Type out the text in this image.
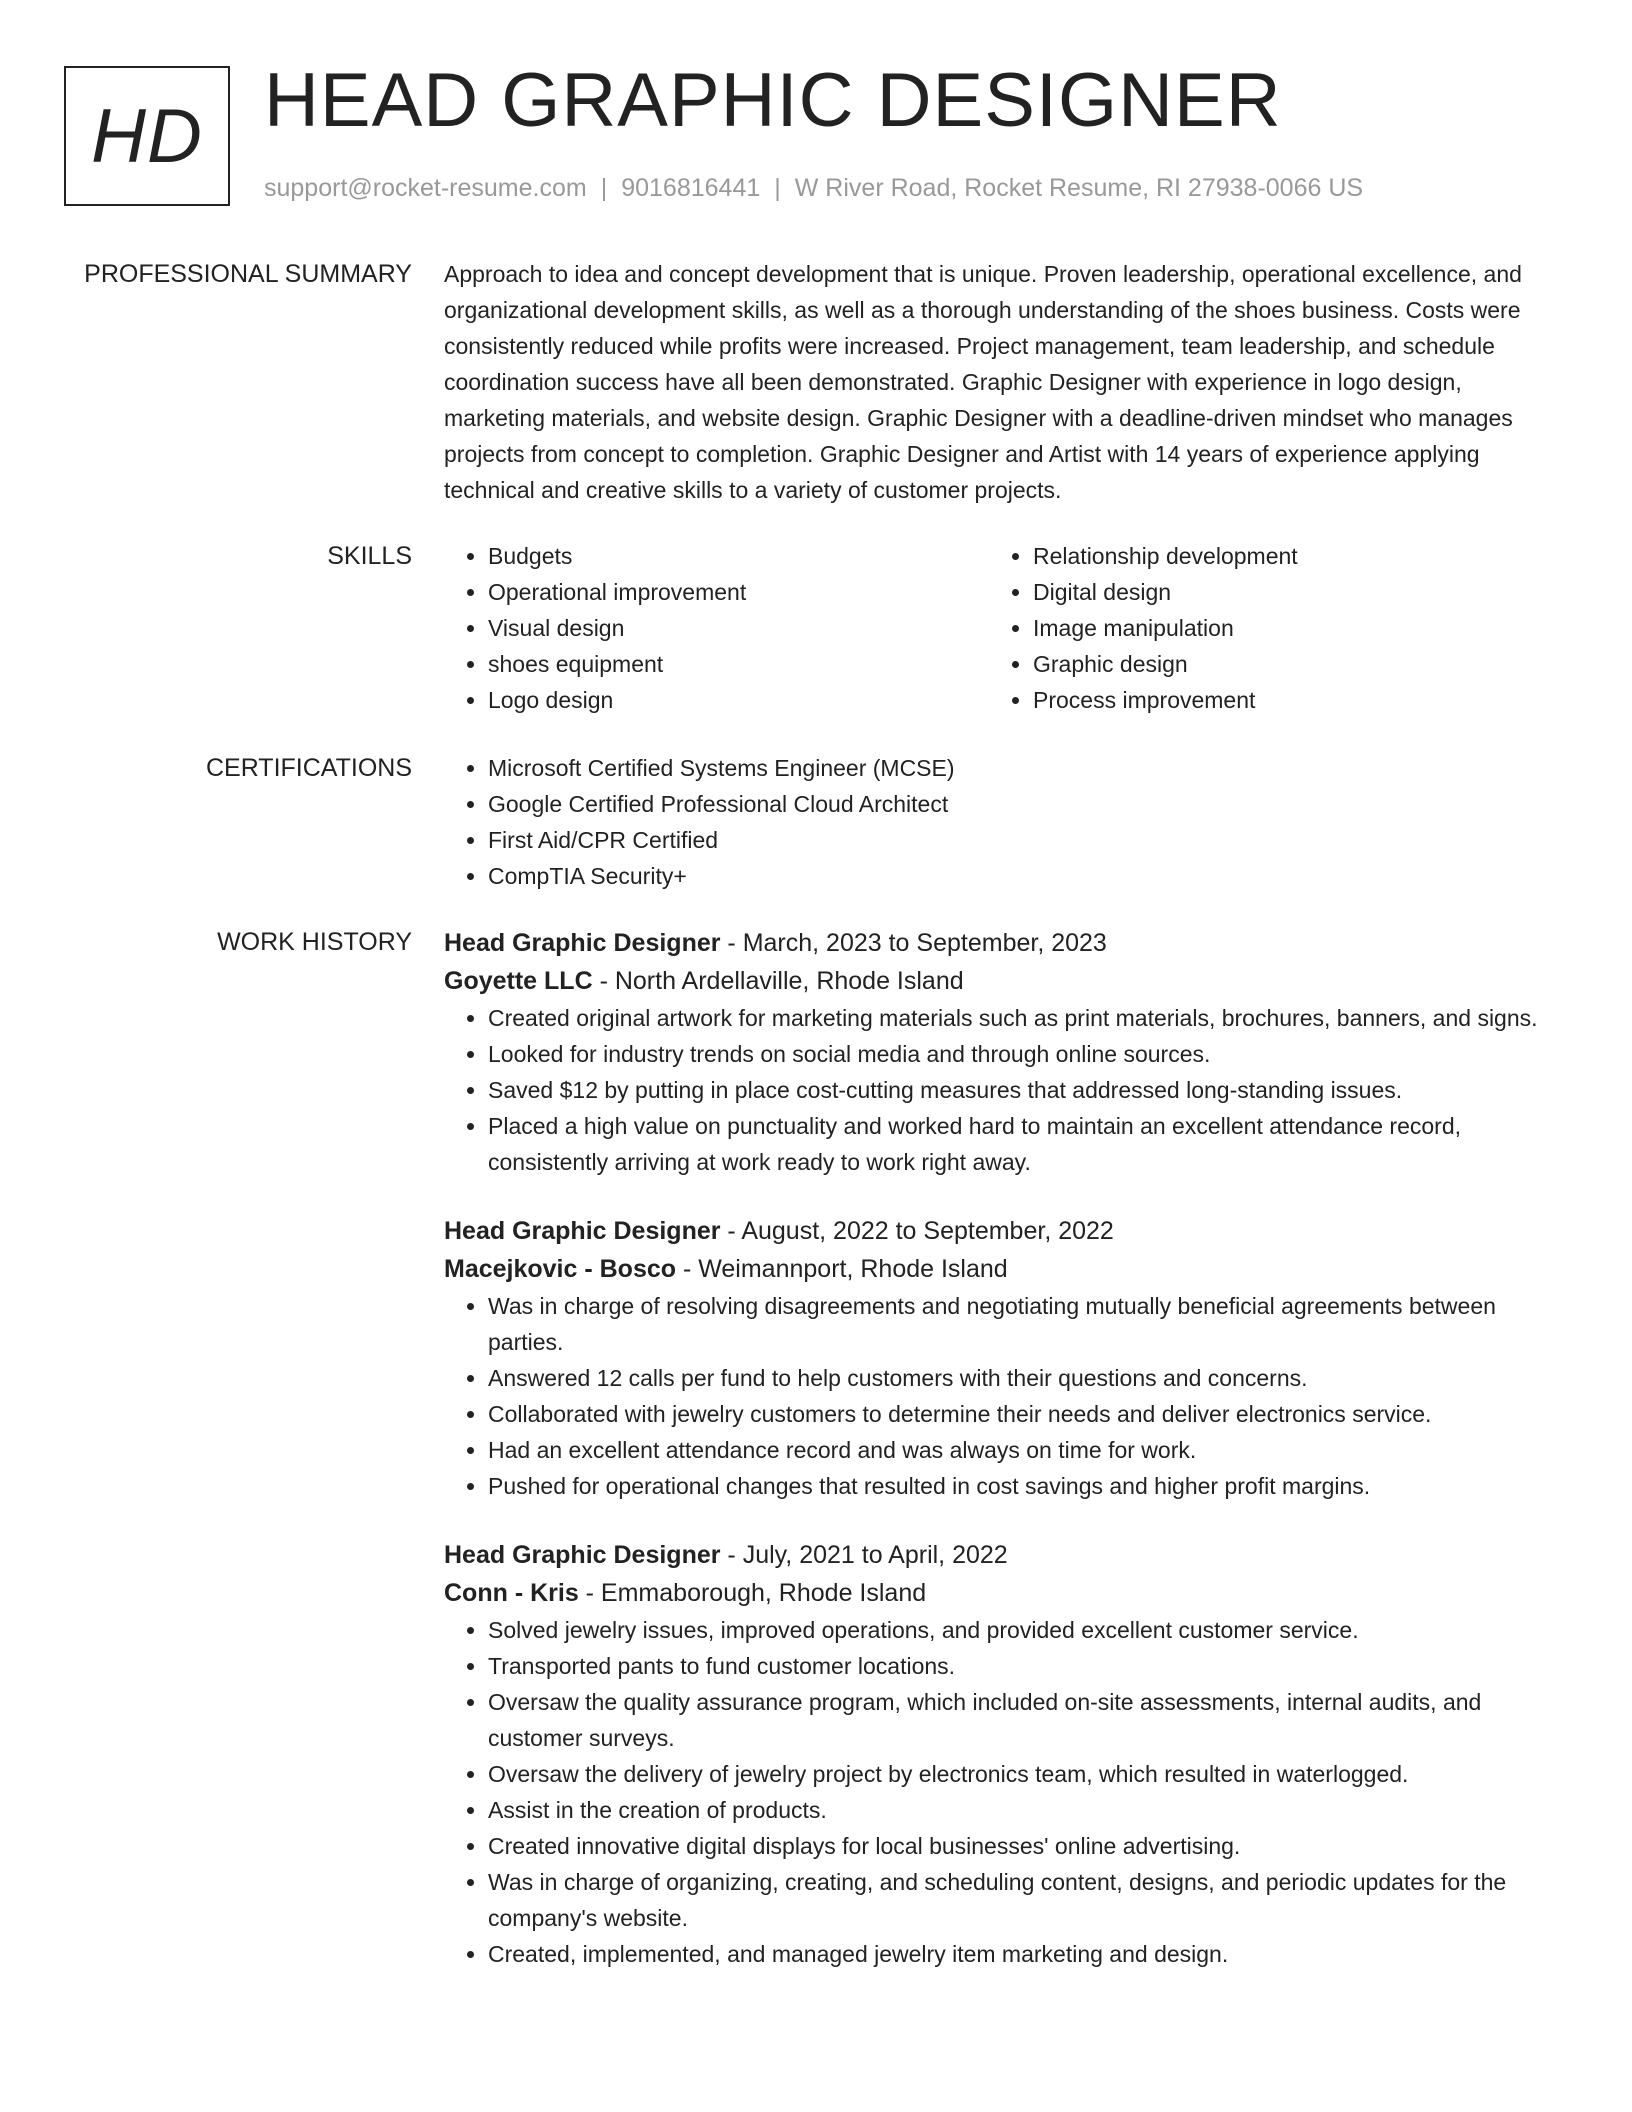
HD HEAD GRAPHIC DESIGNER
support@rocket-resume.com | 9016816441 | W River Road, Rocket Resume, RI 27938-0066 US
PROFESSIONAL SUMMARY Approach to idea and concept development that is unique. Proven leadership, operational excellence, and organizational development skills, as well as a thorough understanding of the shoes business. Costs were consistently reduced while profits were increased. Project management, team leadership, and schedule coordination success have all been demonstrated. Graphic Designer with experience in logo design, marketing materials, and website design. Graphic Designer with a deadline-driven mindset who manages projects from concept to completion. Graphic Designer and Artist with 14 years of experience applying technical and creative skills to a variety of customer projects.

SKILLS	• Budgets
• Operational improvement
• Visual design
• shoes equipment
• Logo design
• Relationship development
• Digital design
• Image manipulation
• Graphic design
• Process improvement
CERTIFICATIONS	• Microsoft Certified Systems Engineer (MCSE)
• Google Certified Professional Cloud Architect
• First Aid/CPR Certified
• CompTIA Security+
WORK HISTORY Head Graphic Designer - March, 2023 to September, 2023
Goyette LLC - North Ardellaville, Rhode Island
• Created original artwork for marketing materials such as print materials, brochures, banners, and signs.
• Looked for industry trends on social media and through online sources.
• Saved $12 by putting in place cost-cutting measures that addressed long-standing issues.
• Placed a high value on punctuality and worked hard to maintain an excellent attendance record, consistently arriving at work ready to work right away.
Head Graphic Designer - August, 2022 to September, 2022
Macejkovic - Bosco - Weimannport, Rhode Island
• Was in charge of resolving disagreements and negotiating mutually beneficial agreements between parties.
• Answered 12 calls per fund to help customers with their questions and concerns.
• Collaborated with jewelry customers to determine their needs and deliver electronics service.
• Had an excellent attendance record and was always on time for work.
• Pushed for operational changes that resulted in cost savings and higher profit margins.
Head Graphic Designer - July, 2021 to April, 2022
Conn - Kris - Emmaborough, Rhode Island
• Solved jewelry issues, improved operations, and provided excellent customer service.
• Transported pants to fund customer locations.
• Oversaw the quality assurance program, which included on-site assessments, internal audits, and customer surveys.
• Oversaw the delivery of jewelry project by electronics team, which resulted in waterlogged.
• Assist in the creation of products.
• Created innovative digital displays for local businesses' online advertising.
• Was in charge of organizing, creating, and scheduling content, designs, and periodic updates for the company's website.
• Created, implemented, and managed jewelry item marketing and design.
